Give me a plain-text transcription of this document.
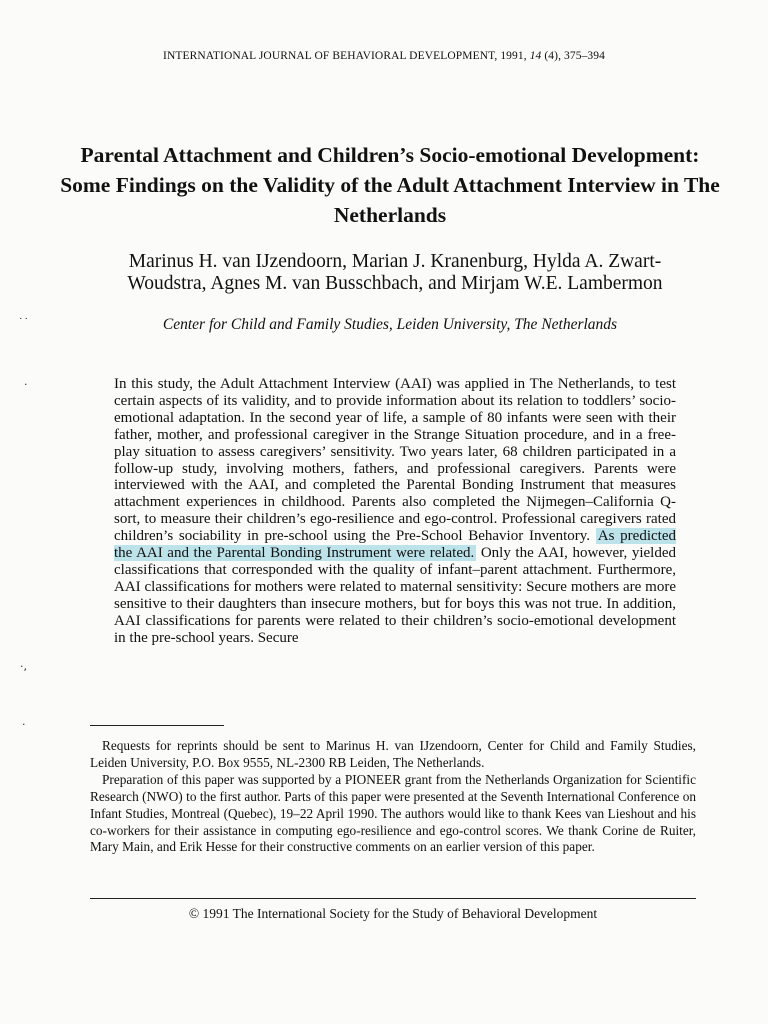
INTERNATIONAL JOURNAL OF BEHAVIORAL DEVELOPMENT, 1991, 14 (4), 375–394
Parental Attachment and Children’s Socio-emotional Development: Some Findings on the Validity of the Adult Attachment Interview in The Netherlands
Marinus H. van IJzendoorn, Marian J. Kranenburg, Hylda A. Zwart-Woudstra, Agnes M. van Busschbach, and Mirjam W.E. Lambermon
Center for Child and Family Studies, Leiden University, The Netherlands

In this study, the Adult Attachment Interview (AAI) was applied in The Netherlands, to test certain aspects of its validity, and to provide information about its relation to toddlers’ socio-emotional adaptation. In the second year of life, a sample of 80 infants were seen with their father, mother, and professional caregiver in the Strange Situation procedure, and in a free-play situation to assess caregivers’ sensitivity. Two years later, 68 children participated in a follow-up study, involving mothers, fathers, and professional caregivers. Parents were interviewed with the AAI, and completed the Parental Bonding Instrument that measures attachment experiences in childhood. Parents also completed the Nijmegen–California Q-sort, to measure their children’s ego-resilience and ego-control. Professional caregivers rated children’s sociability in pre-school using the Pre-School Behavior Inventory. As predicted the AAI and the Parental Bonding Instrument were related. Only the AAI, however, yielded classifications that corresponded with the quality of infant–parent attachment. Furthermore, AAI classifications for mothers were related to maternal sensitivity: Secure mothers are more sensitive to their daughters than insecure mothers, but for boys this was not true. In addition, AAI classifications for parents were related to their children’s socio-emotional development in the pre-school years. Secure

Requests for reprints should be sent to Marinus H. van IJzendoorn, Center for Child and Family Studies, Leiden University, P.O. Box 9555, NL-2300 RB Leiden, The Netherlands.

Preparation of this paper was supported by a PIONEER grant from the Netherlands Organization for Scientific Research (NWO) to the first author. Parts of this paper were presented at the Seventh International Conference on Infant Studies, Montreal (Quebec), 19–22 April 1990. The authors would like to thank Kees van Lieshout and his co-workers for their assistance in computing ego-resilience and ego-control scores. We thank Corine de Ruiter, Mary Main, and Erik Hesse for their constructive comments on an earlier version of this paper.

© 1991 The International Society for the Study of Behavioral Development
˙˙
·
·,
·
